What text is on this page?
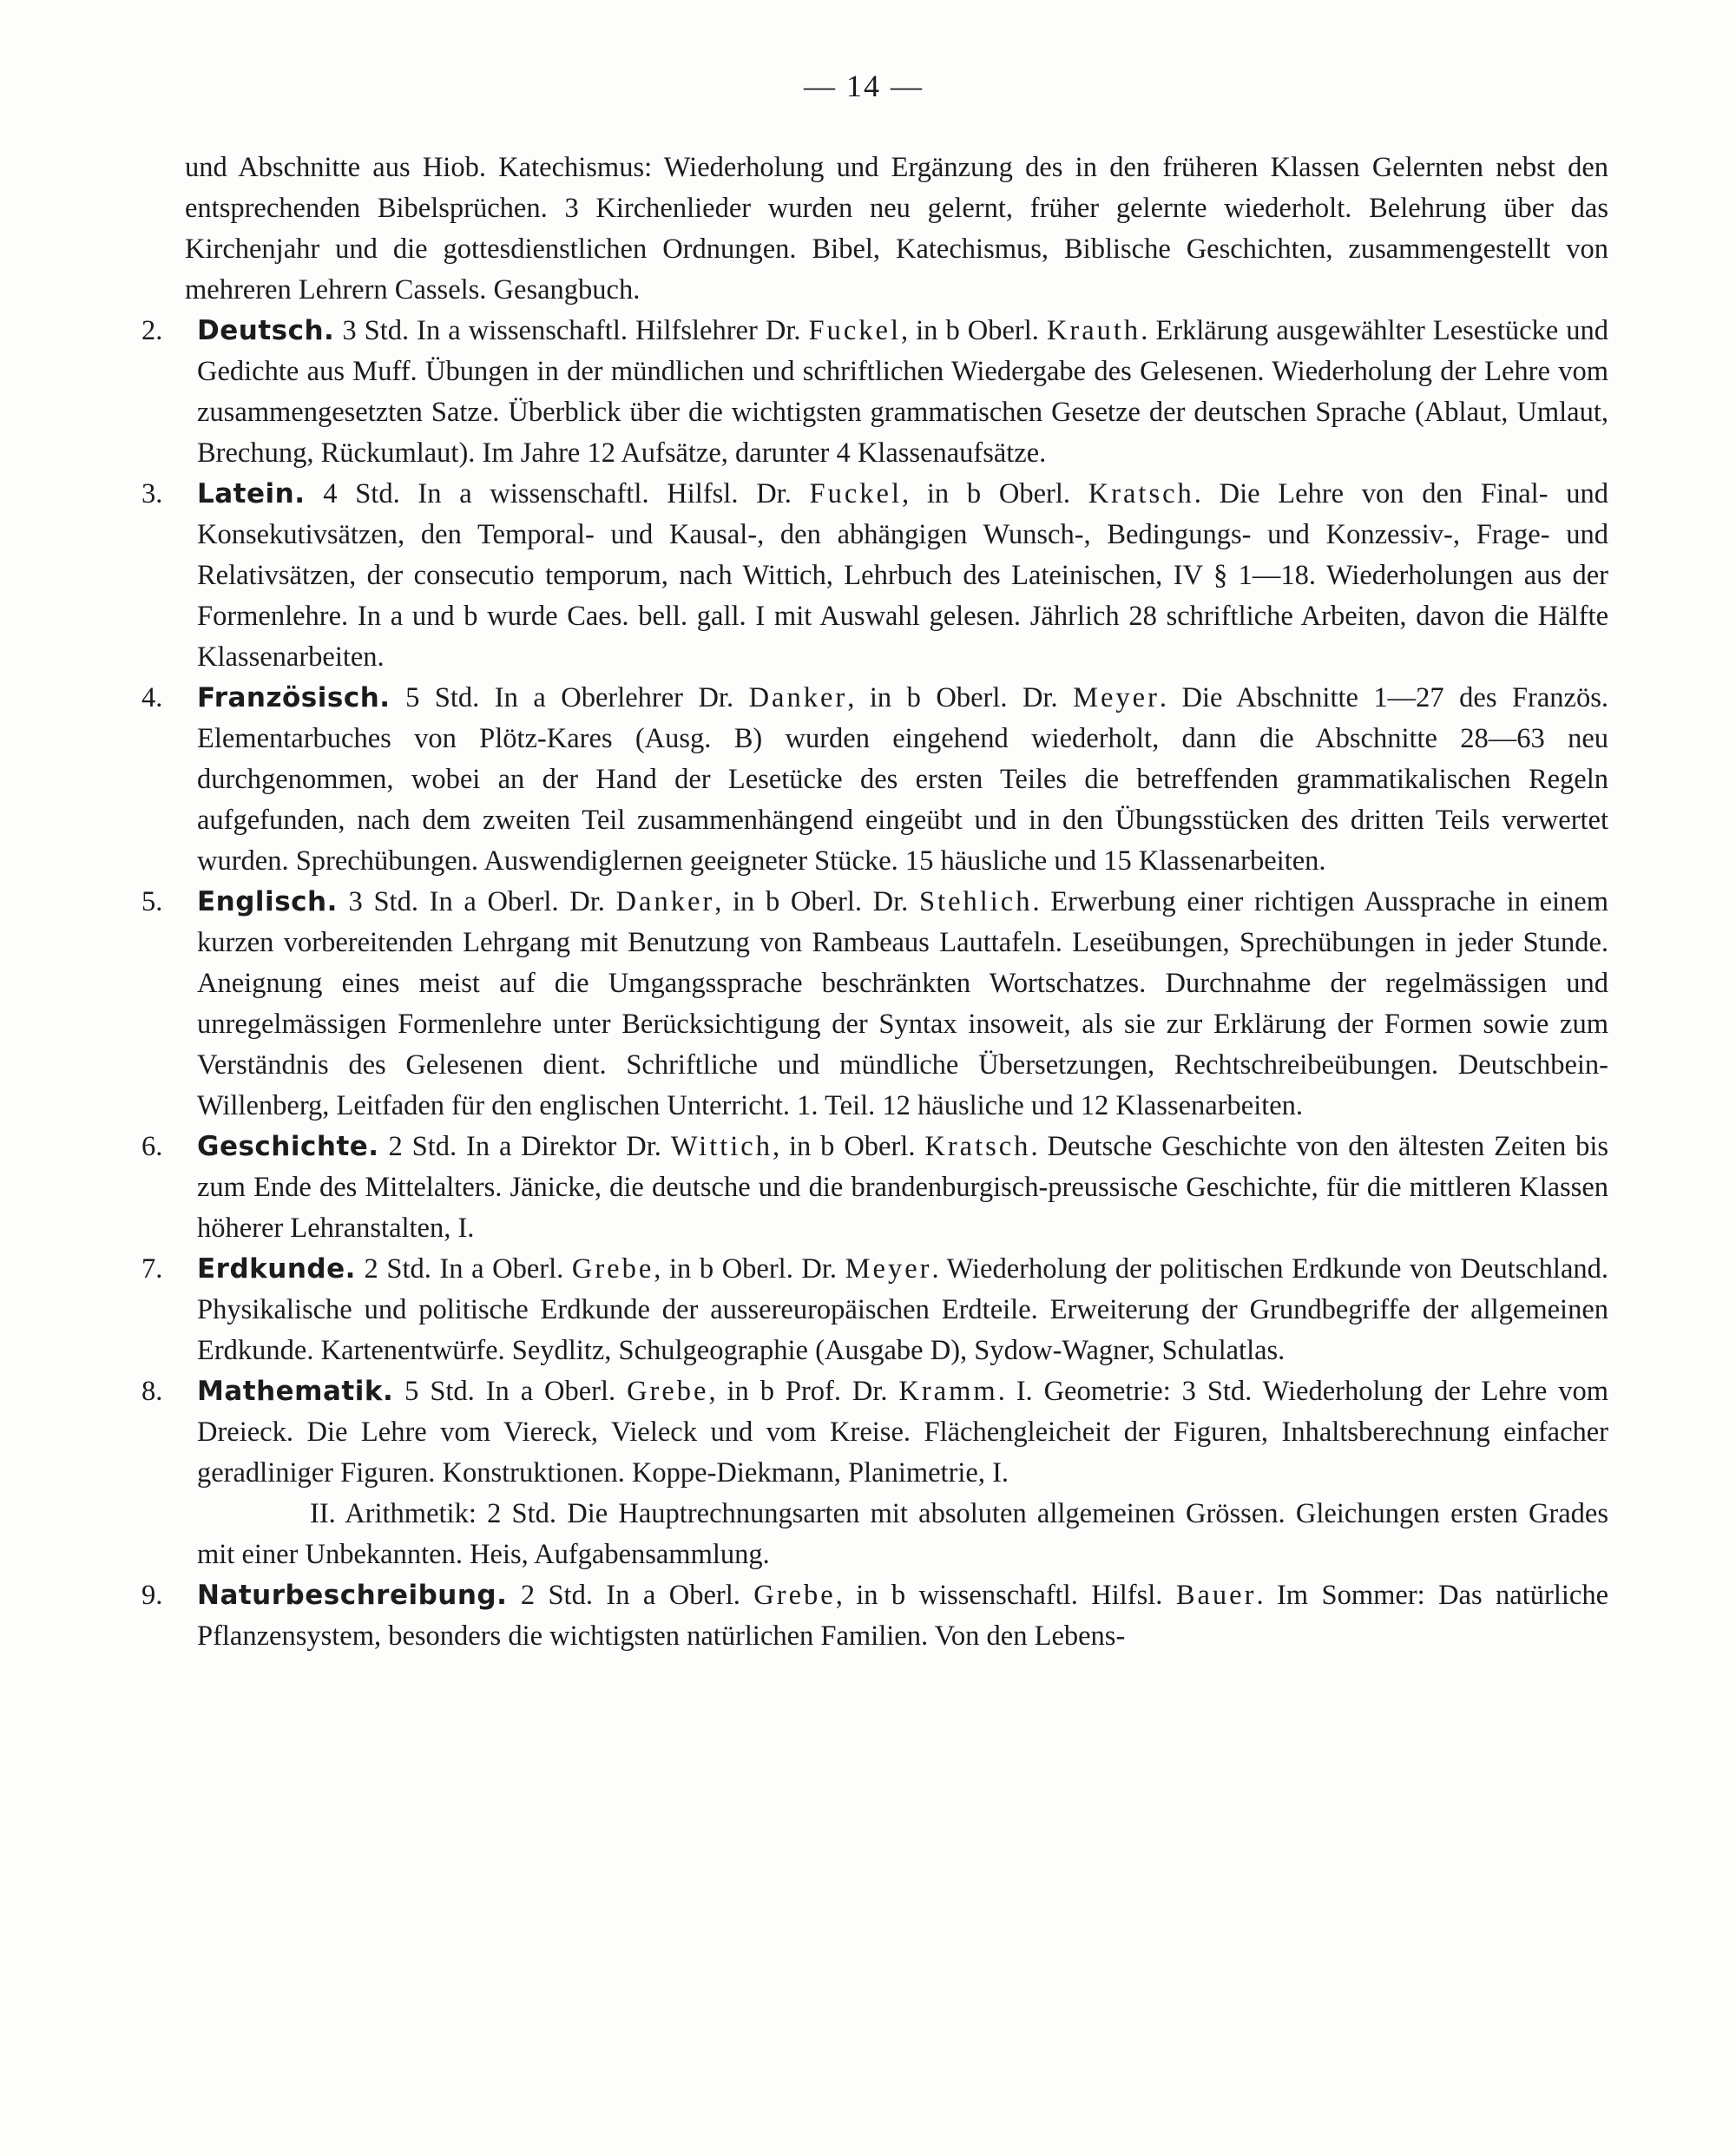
— 14 —
und Abschnitte aus Hiob. Katechismus: Wiederholung und Ergänzung des in den früheren Klassen Gelernten nebst den entsprechenden Bibelsprüchen. 3 Kirchenlieder wurden neu gelernt, früher gelernte wiederholt. Belehrung über das Kirchenjahr und die gottesdienstlichen Ordnungen. Bibel, Katechismus, Biblische Geschichten, zusammengestellt von mehreren Lehrern Cassels. Gesangbuch.
2.	Deutsch. 3 Std. In a wissenschaftl. Hilfslehrer Dr. Fuckel, in b Oberl. Krauth. Erklärung ausgewählter Lesestücke und Gedichte aus Muff. Übungen in der mündlichen und schriftlichen Wiedergabe des Gelesenen. Wiederholung der Lehre vom zusammengesetzten Satze. Überblick über die wichtigsten grammatischen Gesetze der deutschen Sprache (Ablaut, Umlaut, Brechung, Rückumlaut). Im Jahre 12 Aufsätze, darunter 4 Klassenaufsätze.
3.	Latein. 4 Std. In a wissenschaftl. Hilfsl. Dr. Fuckel, in b Oberl. Kratsch. Die Lehre von den Final- und Konsekutivsätzen, den Temporal- und Kausal-, den abhängigen Wunsch-, Bedingungs- und Konzessiv-, Frage- und Relativsätzen, der consecutio temporum, nach Wittich, Lehrbuch des Lateinischen, IV § 1—18. Wiederholungen aus der Formenlehre. In a und b wurde Caes. bell. gall. I mit Auswahl gelesen. Jährlich 28 schriftliche Arbeiten, davon die Hälfte Klassenarbeiten.
4.	Französisch. 5 Std. In a Oberlehrer Dr. Danker, in b Oberl. Dr. Meyer. Die Abschnitte 1—27 des Französ. Elementarbuches von Plötz-Kares (Ausg. B) wurden eingehend wiederholt, dann die Abschnitte 28—63 neu durchgenommen, wobei an der Hand der Lesetücke des ersten Teiles die betreffenden grammatikalischen Regeln aufgefunden, nach dem zweiten Teil zusammenhängend eingeübt und in den Übungsstücken des dritten Teils verwertet wurden. Sprechübungen. Auswendiglernen geeigneter Stücke. 15 häusliche und 15 Klassenarbeiten.
5.	Englisch. 3 Std. In a Oberl. Dr. Danker, in b Oberl. Dr. Stehlich. Erwerbung einer richtigen Aussprache in einem kurzen vorbereitenden Lehrgang mit Benutzung von Rambeaus Lauttafeln. Leseübungen, Sprechübungen in jeder Stunde. Aneignung eines meist auf die Umgangssprache beschränkten Wortschatzes. Durchnahme der regelmässigen und unregelmässigen Formenlehre unter Berücksichtigung der Syntax insoweit, als sie zur Erklärung der Formen sowie zum Verständnis des Gelesenen dient. Schriftliche und mündliche Übersetzungen, Rechtschreibeübungen. Deutschbein-Willenberg, Leitfaden für den englischen Unterricht. 1. Teil. 12 häusliche und 12 Klassenarbeiten.
6.	Geschichte. 2 Std. In a Direktor Dr. Wittich, in b Oberl. Kratsch. Deutsche Geschichte von den ältesten Zeiten bis zum Ende des Mittelalters. Jänicke, die deutsche und die brandenburgisch-preussische Geschichte, für die mittleren Klassen höherer Lehranstalten, I.
7.	Erdkunde. 2 Std. In a Oberl. Grebe, in b Oberl. Dr. Meyer. Wiederholung der politischen Erdkunde von Deutschland. Physikalische und politische Erdkunde der aussereuropäischen Erdteile. Erweiterung der Grundbegriffe der allgemeinen Erdkunde. Kartenentwürfe. Seydlitz, Schulgeographie (Ausgabe D), Sydow-Wagner, Schulatlas.
8.	Mathematik. 5 Std. In a Oberl. Grebe, in b Prof. Dr. Kramm. I. Geometrie: 3 Std. Wiederholung der Lehre vom Dreieck. Die Lehre vom Viereck, Vieleck und vom Kreise. Flächengleicheit der Figuren, Inhaltsberechnung einfacher geradliniger Figuren. Konstruktionen. Koppe-Diekmann, Planimetrie, I.
II. Arithmetik: 2 Std. Die Hauptrechnungsarten mit absoluten allgemeinen Grössen. Gleichungen ersten Grades mit einer Unbekannten. Heis, Aufgabensammlung.
9.	Naturbeschreibung. 2 Std. In a Oberl. Grebe, in b wissenschaftl. Hilfsl. Bauer. Im Sommer: Das natürliche Pflanzensystem, besonders die wichtigsten natürlichen Familien. Von den Lebens-
